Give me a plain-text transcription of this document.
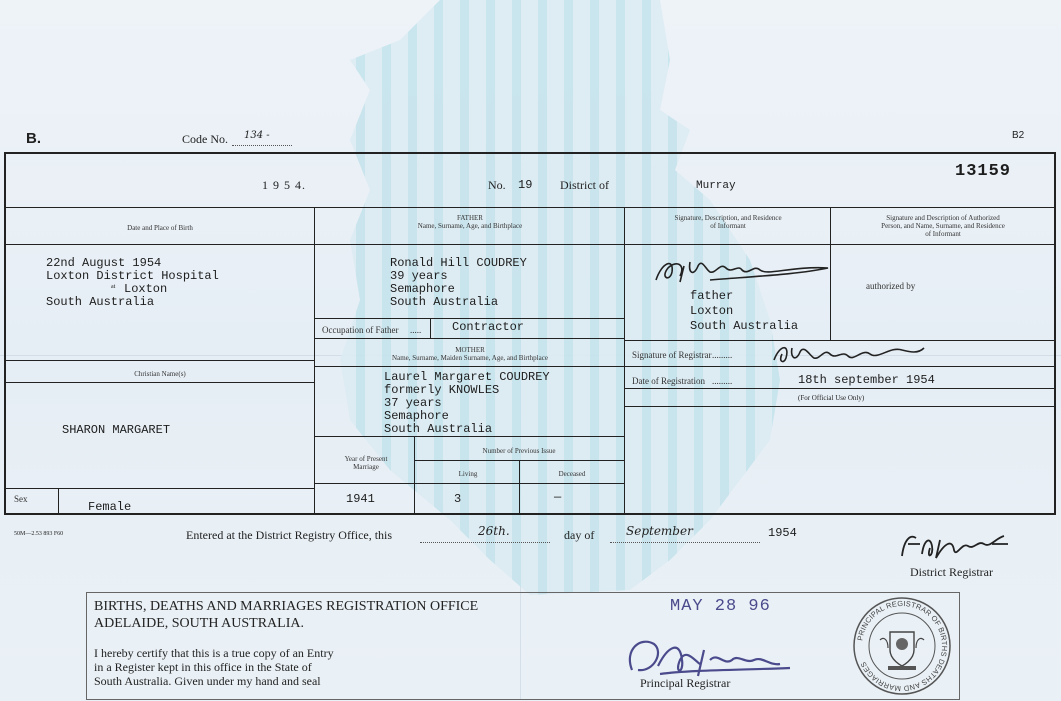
B.	Code No. 134 -	B2
1 9 5 4.	No. 19 District of	Murray
13159
Date and Place of Birth
FATHER
Name, Surname, Age, and Birthplace
Signature, Description, and Residence
of Informant
Signature and Description of Authorized
Person, and Name, Surname, and Residence
of Informant
22nd August 1954
Loxton District Hospital
at Loxton
South Australia
Christian Name(s)
SHARON MARGARET
Sex
Female
Ronald Hill COUDREY
39 years
Semaphore
South Australia
Occupation of Father .....	Contractor
MOTHER
Name, Surname, Maiden Surname, Age, and Birthplace
Laurel Margaret COUDREY
formerly KNOWLES
37 years
Semaphore
South Australia
Year of Present
Marriage
Number of Previous Issue
Living	Deceased
1941	3	—
father
Loxton
South Australia
authorized by
Signature of Registrar .........
Date of Registration .........	18th september 1954
(For Official Use Only)
50M—2.53 893 F60	Entered at the District Registry Office, this	26th.	day of	September	1954
District Registrar
BIRTHS, DEATHS AND MARRIAGES REGISTRATION OFFICE
ADELAIDE, SOUTH AUSTRALIA.
I hereby certify that this is a true copy of an Entry
in a Register kept in this office in the State of
South Australia. Given under my hand and seal
MAY 28 96
Principal Registrar
PRINCIPAL REGISTRAR OF BIRTHS DEATHS AND MARRIAGES
